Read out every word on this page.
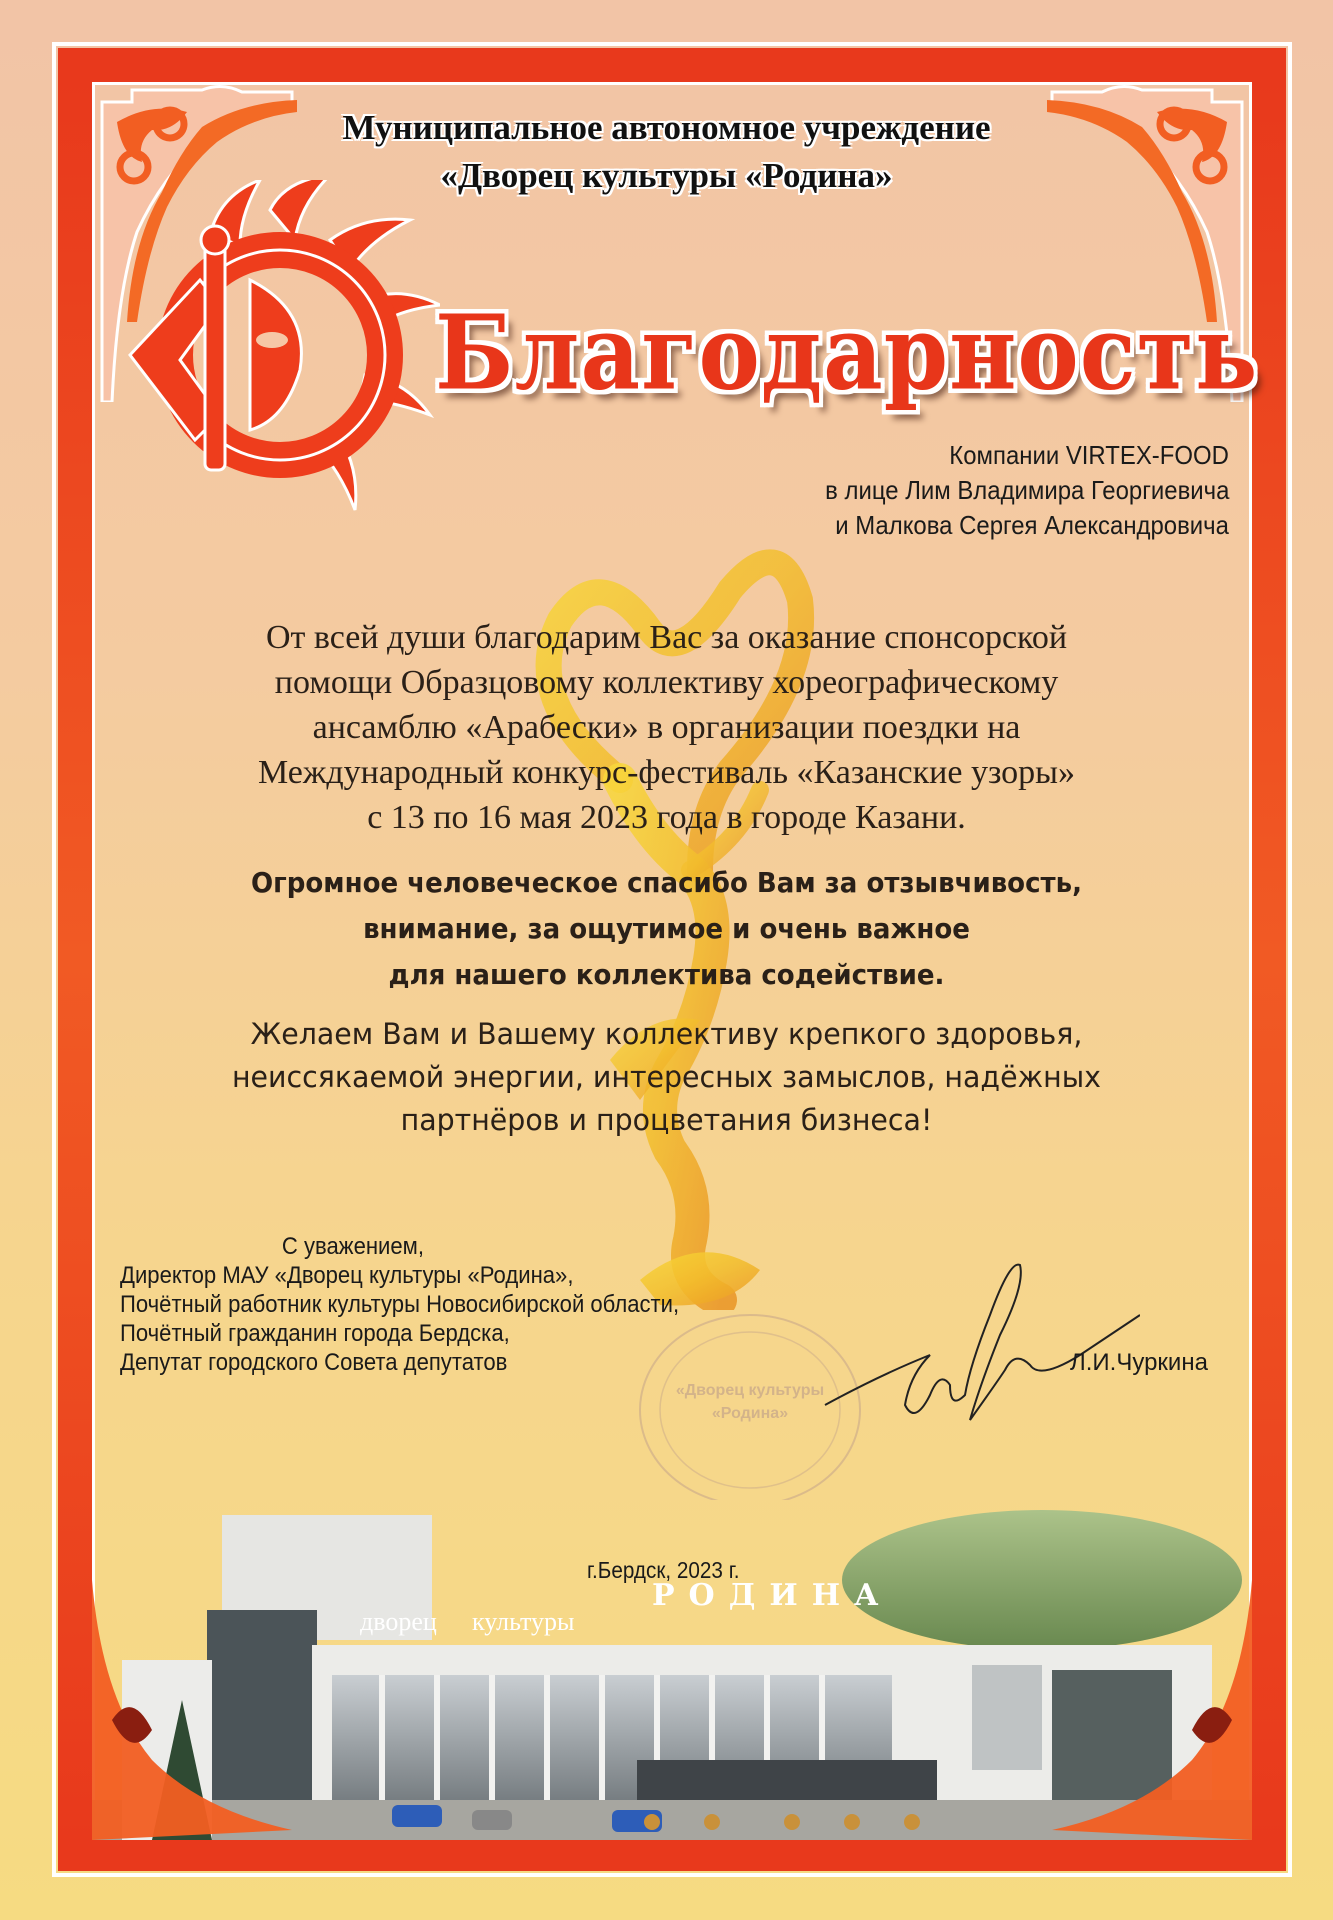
Муниципальное автономное учреждение
«Дворец культуры «Родина»
Благодарность
Компании VIRTEX-FOOD
в лице Лим Владимира Георгиевича
и Малкова Сергея Александровича
От всей души благодарим Вас за оказание спонсорской
помощи Образцовому коллективу хореографическому
ансамблю «Арабески» в организации поездки на
Международный конкурс-фестиваль «Казанские узоры»
с 13 по 16 мая 2023 года в городе Казани.
Огромное человеческое спасибо Вам за отзывчивость,
внимание, за ощутимое и очень важное
для нашего коллектива содействие.
Желаем Вам и Вашему коллективу крепкого здоровья,
неиссякаемой энергии, интересных замыслов, надёжных
партнёров и процветания бизнеса!
С уважением,
Директор МАУ «Дворец культуры «Родина»,
Почётный работник культуры Новосибирской области,
Почётный гражданин города Бердска,
Депутат городского Совета депутатов
«Дворец культуры
«Родина»
Л.И.Чуркина
дворец культуры
РОДИНА
г.Бердск, 2023 г.
